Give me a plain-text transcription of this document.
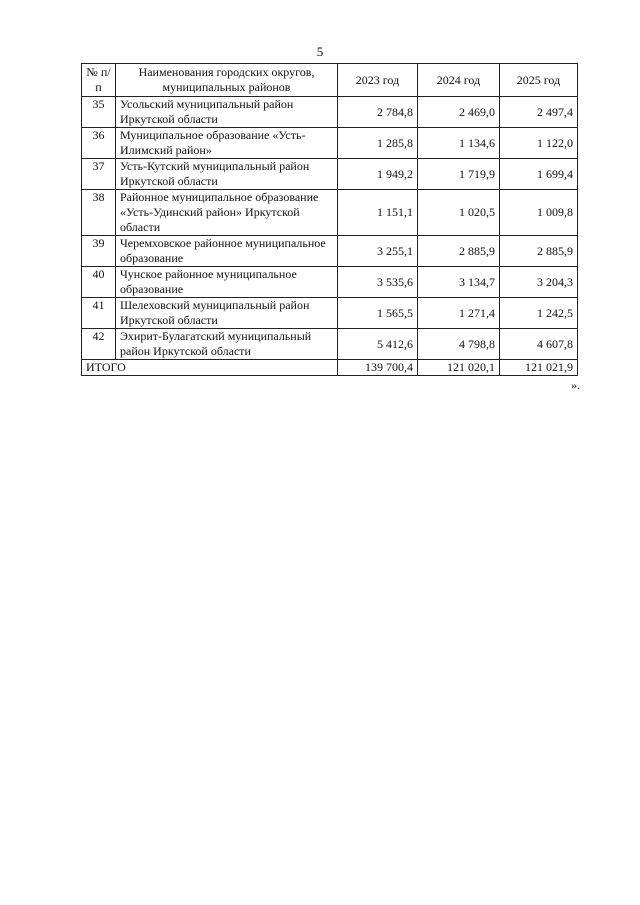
5
№ п/п	Наименования городских округов, муниципальных районов	2023 год	2024 год	2025 год
35	Усольский муниципальный район Иркутской области	2 784,8	2 469,0	2 497,4
36	Муниципальное образование «Усть-Илимский район»	1 285,8	1 134,6	1 122,0
37	Усть-Кутский муниципальный район Иркутской области	1 949,2	1 719,9	1 699,4
38	Районное муниципальное образование «Усть-Удинский район» Иркутской области	1 151,1	1 020,5	1 009,8
39	Черемховское районное муниципальное образование	3 255,1	2 885,9	2 885,9
40	Чунское районное муниципальное образование	3 535,6	3 134,7	3 204,3
41	Шелеховский муниципальный район Иркутской области	1 565,5	1 271,4	1 242,5
42	Эхирит-Булагатский муниципальный район Иркутской области	5 412,6	4 798,8	4 607,8
ИТОГО		139 700,4	121 020,1	121 021,9
».
